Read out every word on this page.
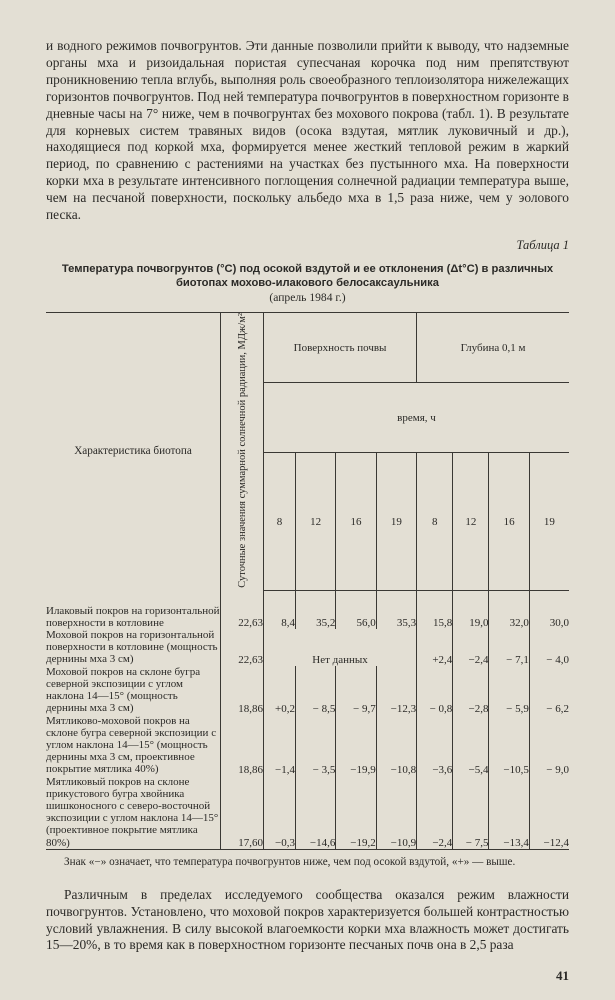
и водного режимов почвогрунтов. Эти данные позволили прийти к выводу, что надземные органы мха и ризоидальная пористая супесчаная корочка под ним препятствуют проникновению тепла вглубь, выполняя роль своеобразного теплоизолятора нижележащих горизонтов почвогрунтов. Под ней температура почвогрунтов в поверхностном горизонте в дневные часы на 7° ниже, чем в почвогрунтах без мохового покрова (табл. 1). В результате для корневых систем травяных видов (осока вздутая, мятлик луковичный и др.), находящиеся под коркой мха, формируется менее жесткий тепловой режим в жаркий период, по сравнению с растениями на участках без пустынного мха. На поверхности корки мха в результате интенсивного поглощения солнечной радиации температура выше, чем на песчаной поверхности, поскольку альбедо мха в 1,5 раза ниже, чем у эолового песка.

Таблица 1
Температура почвогрунтов (°С) под осокой вздутой и ее отклонения (Δt°С) в различных биотопах мохово-илакового белосаксаульника
(апрель 1984 г.)
Характеристика биотопа	Суточные значения суммарной солнечной радиации, МДж/м²	Поверхность почвы				Глубина 0,1 м			
		время, ч							
		8	12	16	19	8	12	16	19
Илаковый покров на горизонтальной поверхности в котловине	22,63	8,4	35,2	56,0	35,3	15,8	19,0	32,0	30,0
Моховой покров на горизонтальной поверхности в котловине (мощность дернины мха 3 см)	22,63	Нет данных				+2,4	−2,4	− 7,1	− 4,0
Моховой покров на склоне бугра северной экспозиции с углом наклона 14—15° (мощность дернины мха 3 см)	18,86	+0,2	− 8,5	− 9,7	−12,3	− 0,8	−2,8	− 5,9	− 6,2
Мятликово-моховой покров на склоне бугра северной экспозиции с углом наклона 14—15° (мощность дернины мха 3 см, проективное покрытие мятлика 40%)	18,86	−1,4	− 3,5	−19,9	−10,8	−3,6	−5,4	−10,5	− 9,0
Мятликовый покров на склоне прикустового бугра хвойника шишконосного с северо-восточной экспозиции с углом наклона 14—15° (проективное покрытие мятлика 80%)	17,60	−0,3	−14,6	−19,2	−10,9	−2,4	− 7,5	−13,4	−12,4

Знак «−» означает, что температура почвогрунтов ниже, чем под осокой вздутой, «+» — выше.

Различным в пределах исследуемого сообщества оказался режим влажности почвогрунтов. Установлено, что моховой покров характеризуется большей контрастностью условий увлажнения. В силу высокой влагоемкости корки мха влажность может достигать 15—20%, в то время как в поверхностном горизонте песчаных почв она в 2,5 раза

41
